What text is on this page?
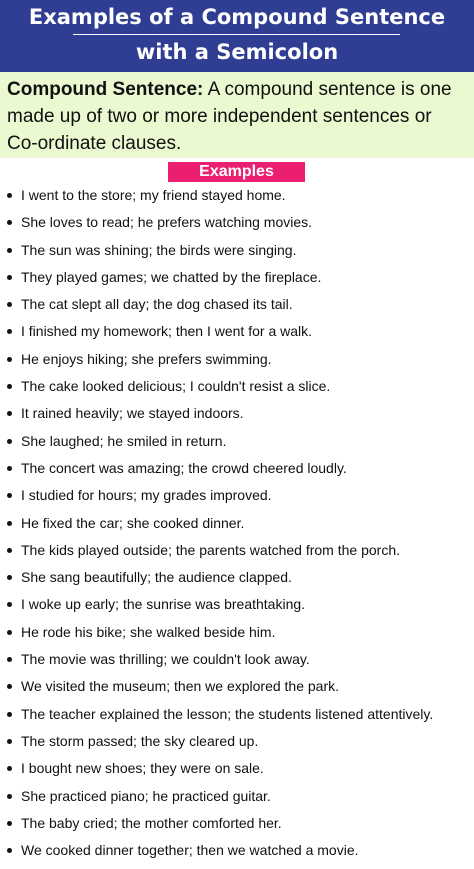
Examples of a Compound Sentence
with a Semicolon
Compound Sentence: A compound sentence is one made up of two or more independent sentences or Co-ordinate clauses.
Examples
I went to the store; my friend stayed home.
She loves to read; he prefers watching movies.
The sun was shining; the birds were singing.
They played games; we chatted by the fireplace.
The cat slept all day; the dog chased its tail.
I finished my homework; then I went for a walk.
He enjoys hiking; she prefers swimming.
The cake looked delicious; I couldn't resist a slice.
It rained heavily; we stayed indoors.
She laughed; he smiled in return.
The concert was amazing; the crowd cheered loudly.
I studied for hours; my grades improved.
He fixed the car; she cooked dinner.
The kids played outside; the parents watched from the porch.
She sang beautifully; the audience clapped.
I woke up early; the sunrise was breathtaking.
He rode his bike; she walked beside him.
The movie was thrilling; we couldn't look away.
We visited the museum; then we explored the park.
The teacher explained the lesson; the students listened attentively.
The storm passed; the sky cleared up.
I bought new shoes; they were on sale.
She practiced piano; he practiced guitar.
The baby cried; the mother comforted her.
We cooked dinner together; then we watched a movie.
